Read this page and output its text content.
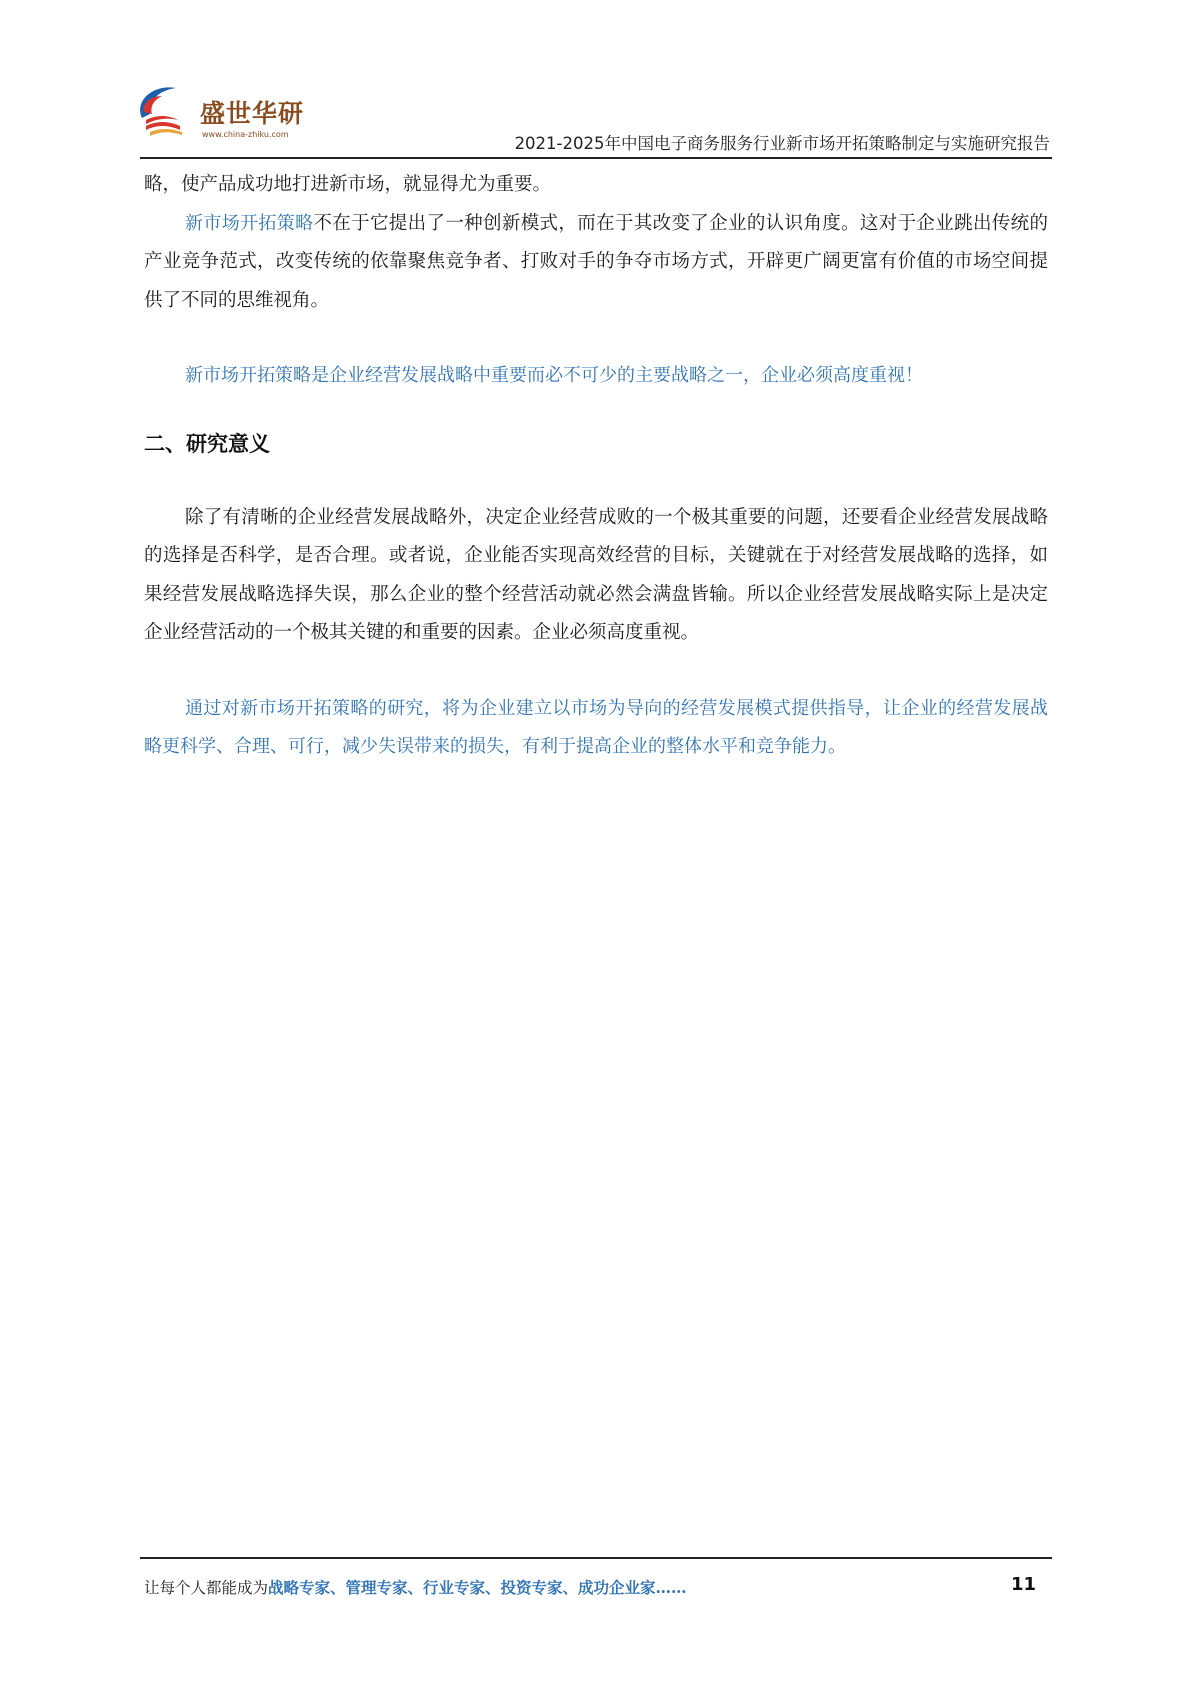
盛世华研
www.china-zhiku.com	2021-2025年中国电子商务服务行业新市场开拓策略制定与实施研究报告

略，使产品成功地打进新市场，就显得尤为重要。

新市场开拓策略不在于它提出了一种创新模式，而在于其改变了企业的认识角度。这对于企业跳出传统的产业竞争范式，改变传统的依靠聚焦竞争者、打败对手的争夺市场方式，开辟更广阔更富有价值的市场空间提供了不同的思维视角。

新市场开拓策略是企业经营发展战略中重要而必不可少的主要战略之一，企业必须高度重视！

二、研究意义

除了有清晰的企业经营发展战略外，决定企业经营成败的一个极其重要的问题，还要看企业经营发展战略的选择是否科学，是否合理。或者说，企业能否实现高效经营的目标，关键就在于对经营发展战略的选择，如果经营发展战略选择失误，那么企业的整个经营活动就必然会满盘皆输。所以企业经营发展战略实际上是决定企业经营活动的一个极其关键的和重要的因素。企业必须高度重视。

通过对新市场开拓策略的研究，将为企业建立以市场为导向的经营发展模式提供指导，让企业的经营发展战略更科学、合理、可行，减少失误带来的损失，有利于提高企业的整体水平和竞争能力。

让每个人都能成为战略专家、管理专家、行业专家、投资专家、成功企业家……	11
